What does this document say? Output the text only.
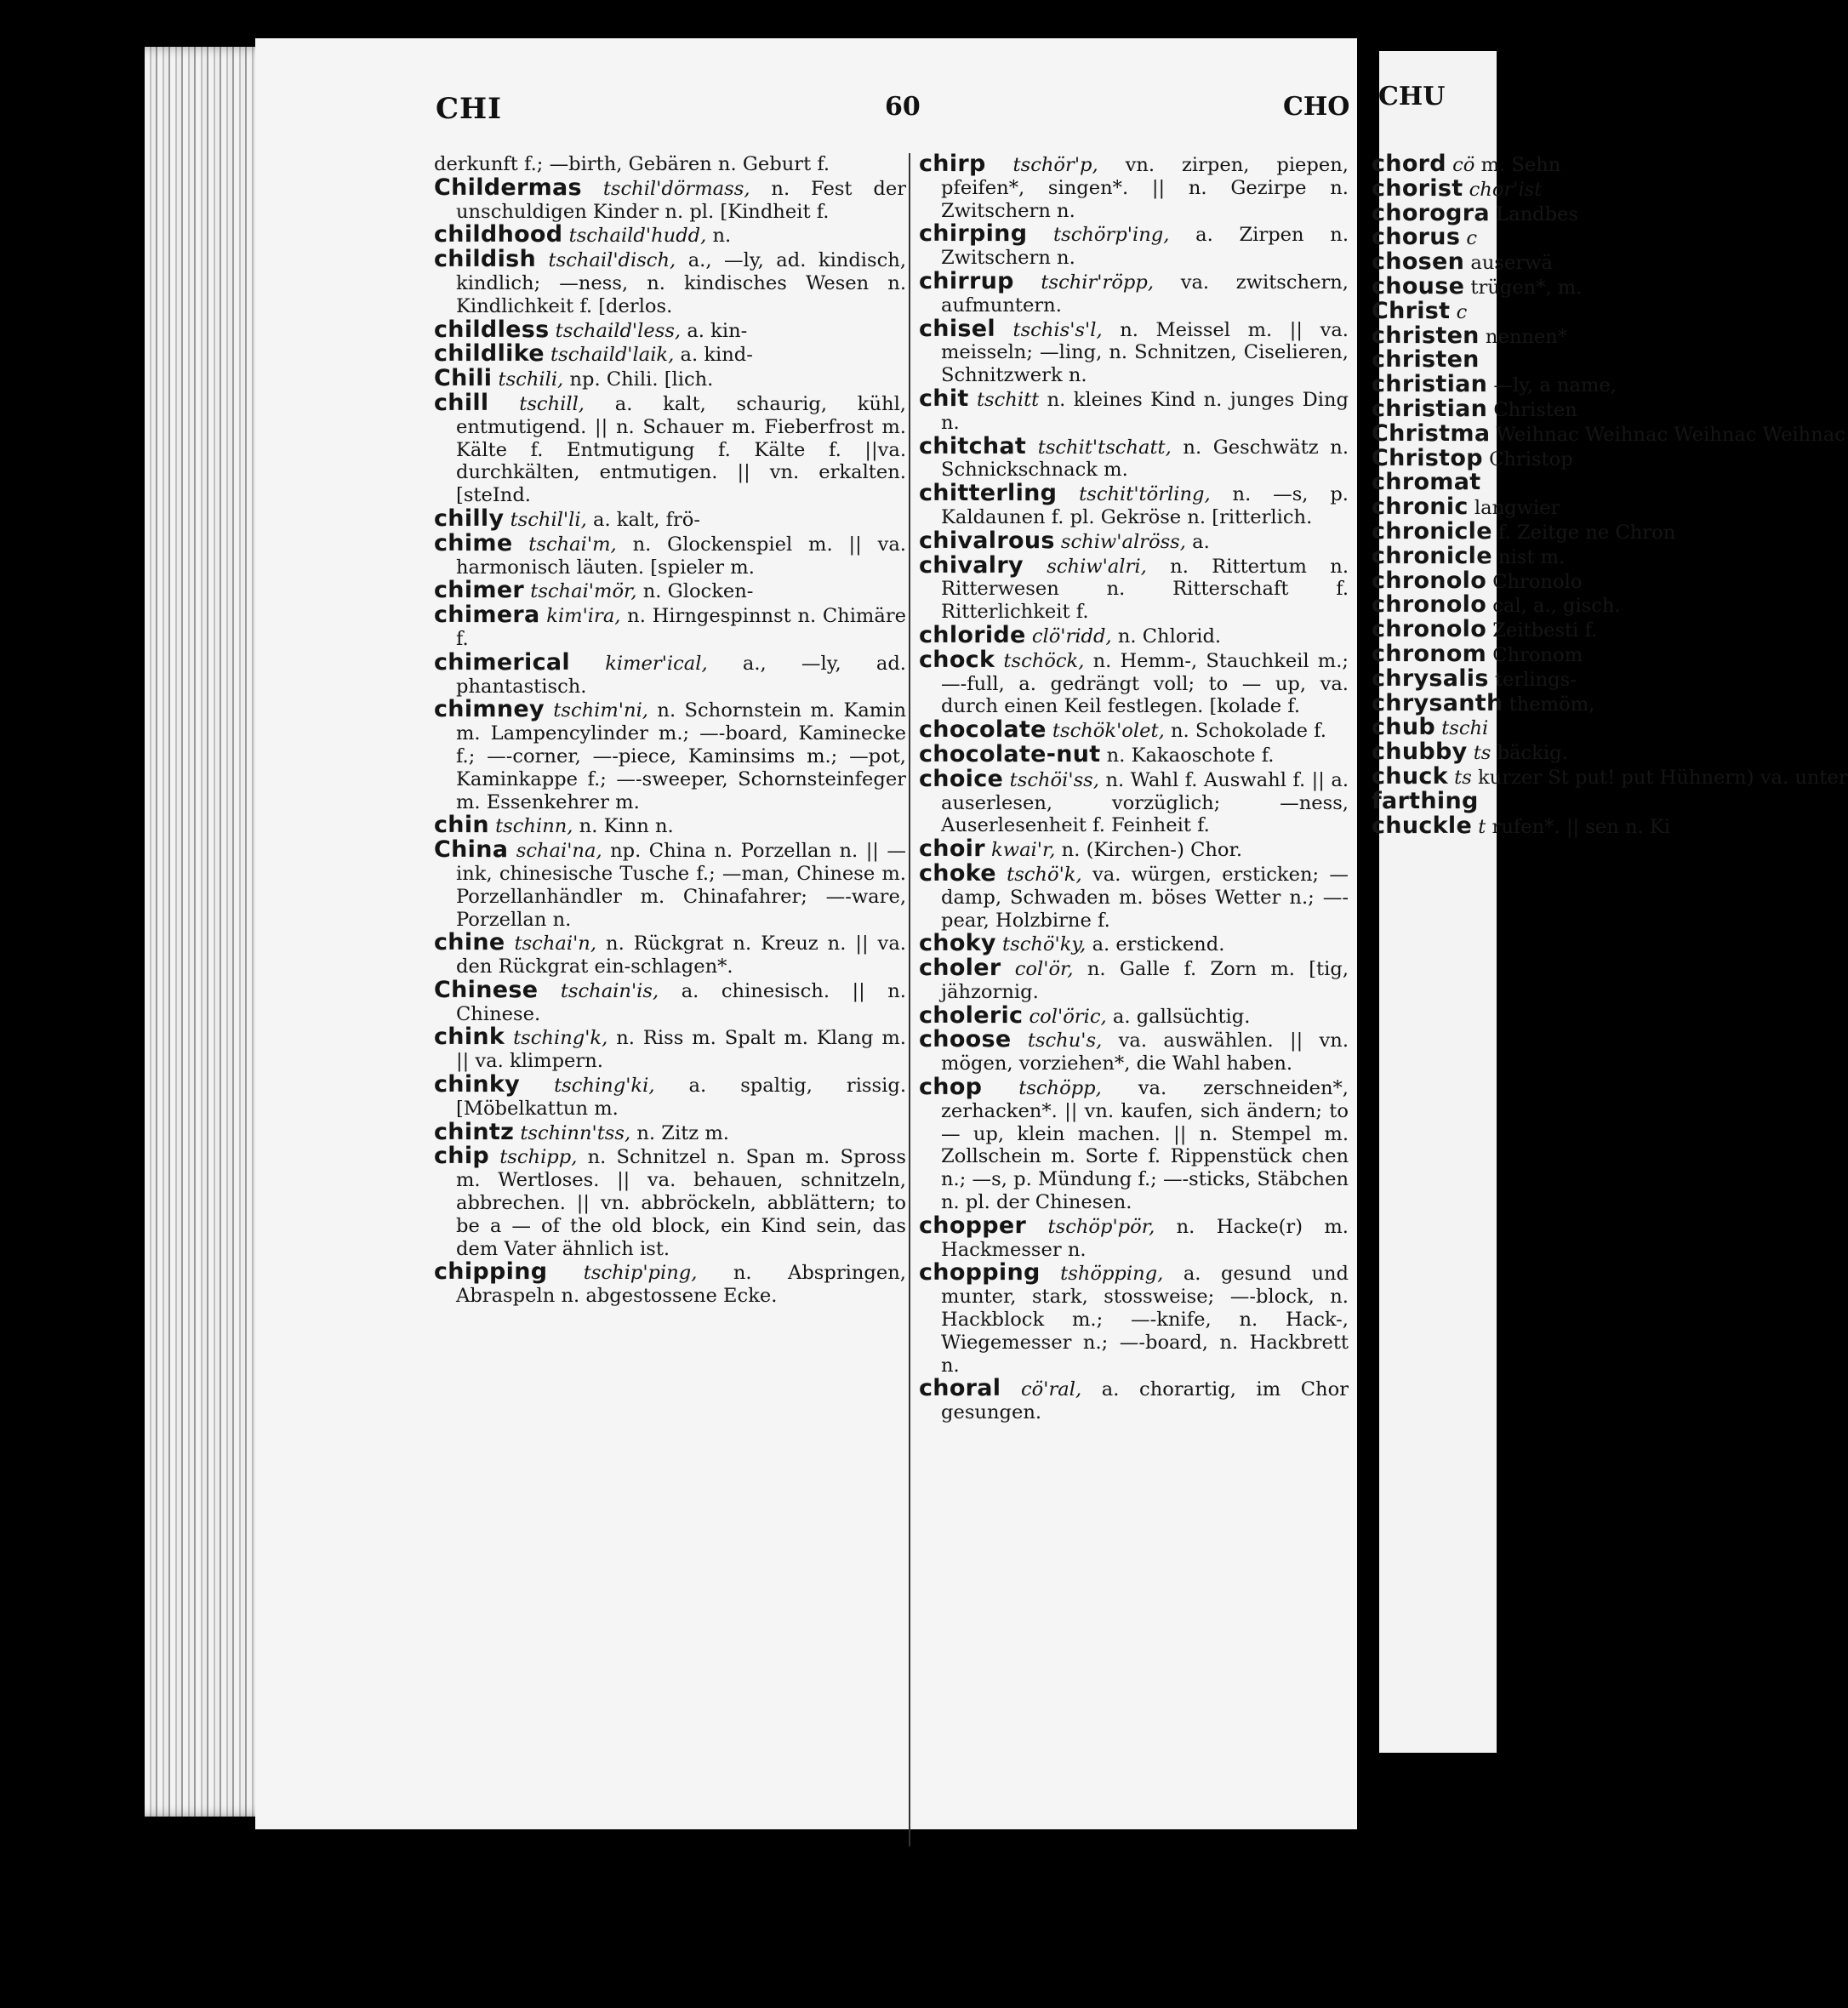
CHI	60	CHO CHU
derkunft f.; —birth, Gebären n. Geburt f.
Childermas tschil'dörmass, n. Fest der unschuldigen Kinder n. pl. [Kindheit f.
childhood tschaild'hudd, n.
childish tschail'disch, a., —ly, ad. kindisch, kindlich; —ness, n. kindisches Wesen n. Kindlichkeit f. [derlos.
childless tschaild'less, a. kin-
childlike tschaild'laik, a. kind-
Chili tschili, np. Chili. [lich.
chill tschill, a. kalt, schaurig, kühl, entmutigend. || n. Schauer m. Fieberfrost m. Kälte f. Entmutigung f. Kälte f. ||va. durchkälten, entmutigen. || vn. erkalten. [steInd.
chilly tschil'li, a. kalt, frö-
chime tschai'm, n. Glockenspiel m. || va. harmonisch läuten. [spieler m.
chimer tschai'mör, n. Glocken-
chimera kim'ira, n. Hirngespinnst n. Chimäre f.
chimerical kimer'ical, a., —ly, ad. phantastisch.
chimney tschim'ni, n. Schornstein m. Kamin m. Lampencylinder m.; —-board, Kaminecke f.; —-corner, —-piece, Kaminsims m.; —pot, Kaminkappe f.; —-sweeper, Schornsteinfeger m. Essenkehrer m.
chin tschinn, n. Kinn n.
China schai'na, np. China n. Porzellan n. || —ink, chinesische Tusche f.; —man, Chinese m. Porzellanhändler m. Chinafahrer; —-ware, Porzellan n.
chine tschai'n, n. Rückgrat n. Kreuz n. || va. den Rückgrat ein-schlagen*.
Chinese tschain'is, a. chinesisch. || n. Chinese.
chink tsching'k, n. Riss m. Spalt m. Klang m. || va. klimpern.
chinky tsching'ki, a. spaltig, rissig. [Möbelkattun m.
chintz tschinn'tss, n. Zitz m.
chip tschipp, n. Schnitzel n. Span m. Spross m. Wertloses. || va. behauen, schnitzeln, abbrechen. || vn. abbröckeln, abblättern; to be a — of the old block, ein Kind sein, das dem Vater ähnlich ist.
chipping tschip'ping, n. Abspringen, Abraspeln n. abgestossene Ecke.
chirp tschör'p, vn. zirpen, piepen, pfeifen*, singen*. || n. Gezirpe n. Zwitschern n.
chirping tschörp'ing, a. Zirpen n. Zwitschern n.
chirrup tschir'röpp, va. zwitschern, aufmuntern.
chisel tschis's'l, n. Meissel m. || va. meisseln; —ling, n. Schnitzen, Ciselieren, Schnitzwerk n.
chit tschitt n. kleines Kind n. junges Ding n.
chitchat tschit'tschatt, n. Geschwätz n. Schnickschnack m.
chitterling tschit'törling, n. —s, p. Kaldaunen f. pl. Gekröse n. [ritterlich.
chivalrous schiw'alröss, a.
chivalry schiw'alri, n. Rittertum n. Ritterwesen n. Ritterschaft f. Ritterlichkeit f.
chloride clö'ridd, n. Chlorid.
chock tschöck, n. Hemm-, Stauchkeil m.; —-full, a. gedrängt voll; to — up, va. durch einen Keil festlegen. [kolade f.
chocolate tschök'olet, n. Schokolade f.
chocolate-nut n. Kakaoschote f.
choice tschöi'ss, n. Wahl f. Auswahl f. || a. auserlesen, vorzüglich; —ness, Auserlesenheit f. Feinheit f.
choir kwai'r, n. (Kirchen-) Chor.
choke tschö'k, va. würgen, ersticken; —damp, Schwaden m. böses Wetter n.; —-pear, Holzbirne f.
choky tschö'ky, a. erstickend.
choler col'ör, n. Galle f. Zorn m. [tig, jähzornig.
choleric col'öric, a. gallsüchtig.
choose tschu's, va. auswählen. || vn. mögen, vorziehen*, die Wahl haben.
chop tschöpp, va. zerschneiden*, zerhacken*. || vn. kaufen, sich ändern; to — up, klein machen. || n. Stempel m. Zollschein m. Sorte f. Rippenstück chen n.; —s, p. Mündung f.; —-sticks, Stäbchen n. pl. der Chinesen.
chopper tschöp'pör, n. Hacke(r) m. Hackmesser n.
chopping tshöpping, a. gesund und munter, stark, stossweise; —-block, n. Hackblock m.; —-knife, n. Hack-, Wiegemesser n.; —-board, n. Hackbrett n.
choral cö'ral, a. chorartig, im Chor gesungen.
chord cö m. Sehn
chorist chor'ist
chorogra Landbes
chorus c
chosen auserwä
chouse trügen*, m.
Christ c
christen nennen*
christen
christian —ly, a name,
christian Christen
Christma Weihnac Weihnac Weihnac Weihnac
Christop Christop
chromat
chronic langwier
chronicle f. Zeitge ne Chron
chronicle nist m.
chronolo Chronolo
chronolo cal, a., gisch.
chronolo Zeitbesti f.
chronom Chronom
chrysalis terlings-
chrysanth themöm,
chub tschi
chubby ts bäckig.
chuck ts kurzer St put! put Hühnern) va. unter
farthing
chuckle t rufen*. || sen n. Ki
